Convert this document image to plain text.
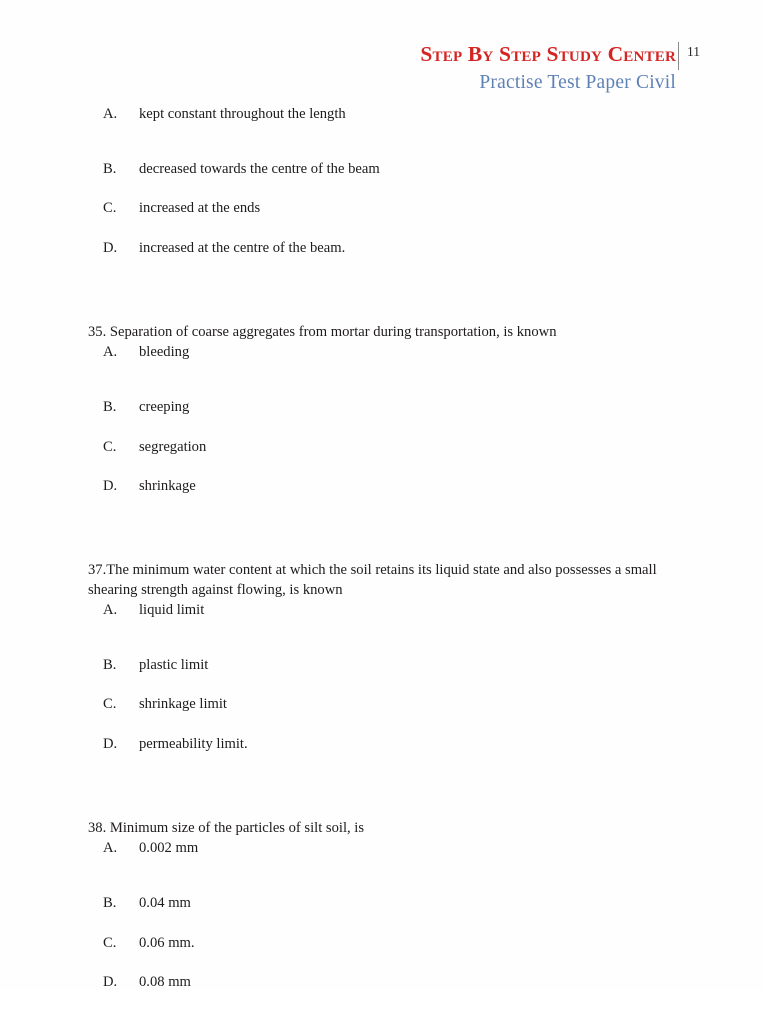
Step By Step Study Center 11
Practise Test Paper Civil
A.	kept constant throughout the length
B.	decreased towards the centre of the beam
C.	increased at the ends
D.	increased at the centre of the beam.

35. Separation of coarse aggregates from mortar during transportation, is known

A.	bleeding
B.	creeping
C.	segregation
D.	shrinkage

37.The minimum water content at which the soil retains its liquid state and also possesses a small shearing strength against flowing, is known

A.	liquid limit
B.	plastic limit
C.	shrinkage limit
D.	permeability limit.

38. Minimum size of the particles of silt soil, is

A.	0.002 mm
B.	0.04 mm
C.	0.06 mm.
D.	0.08 mm
